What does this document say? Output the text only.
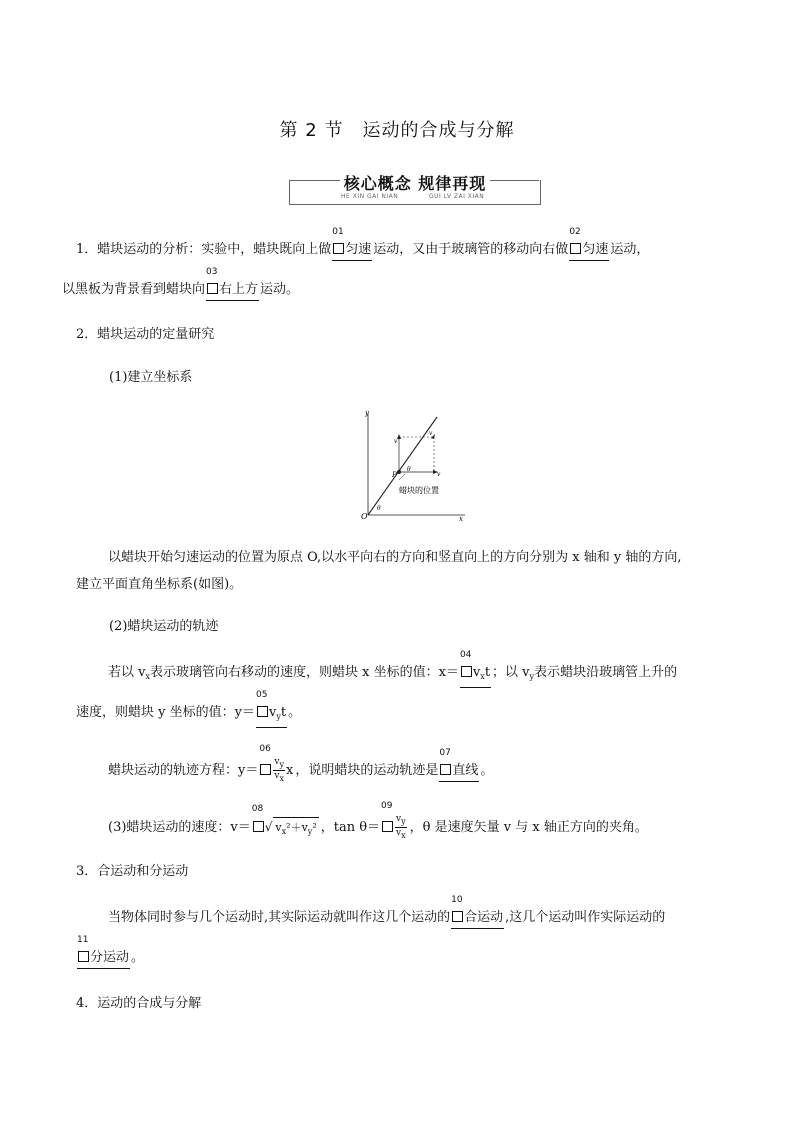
第 2 节　运动的合成与分解
核心概念 规律再现
HE XIN GAI NIAN	GUI LV ZAI XIAN
1．蜡块运动的分析：实验中，蜡块既向上做
01
匀速 运动，又由于玻璃管的移动向右做
02
匀速 运动，
以黑板为背景看到蜡块向
03
右上方 运动。
2．蜡块运动的定量研究
(1)建立坐标系
y
x
O
P
v
v
v
θ
θ
蜡块的位置
以蜡块开始匀速运动的位置为原点 O,以水平向右的方向和竖直向上的方向分别为 x 轴和 y 轴的方向,
建立平面直角坐标系(如图)。
(2)蜡块运动的轨迹
若以 $v_x$表示玻璃管向右移动的速度，则蜡块 x 坐标的值：x＝
04
$v_xt$ ；以 $v_y$表示蜡块沿玻璃管上升的
速度，则蜡块 y 坐标的值：y＝
05
$v_yt$ 。
蜡块运动的轨迹方程：y＝
06
$\frac{vy}{vx}$ x ，说明蜡块的运动轨迹是
07
直线 。
(3)蜡块运动的速度：v＝
08
√ $v_x^2+v_y^2$ ，tan θ＝
09
$\frac{vy}{vx}$ ，θ 是速度矢量 v 与 x 轴正方向的夹角。
3．合运动和分运动
当物体同时参与几个运动时,其实际运动就叫作这几个运动的
10
合运动 ,这几个运动叫作实际运动的
11
分运动 。
4．运动的合成与分解
